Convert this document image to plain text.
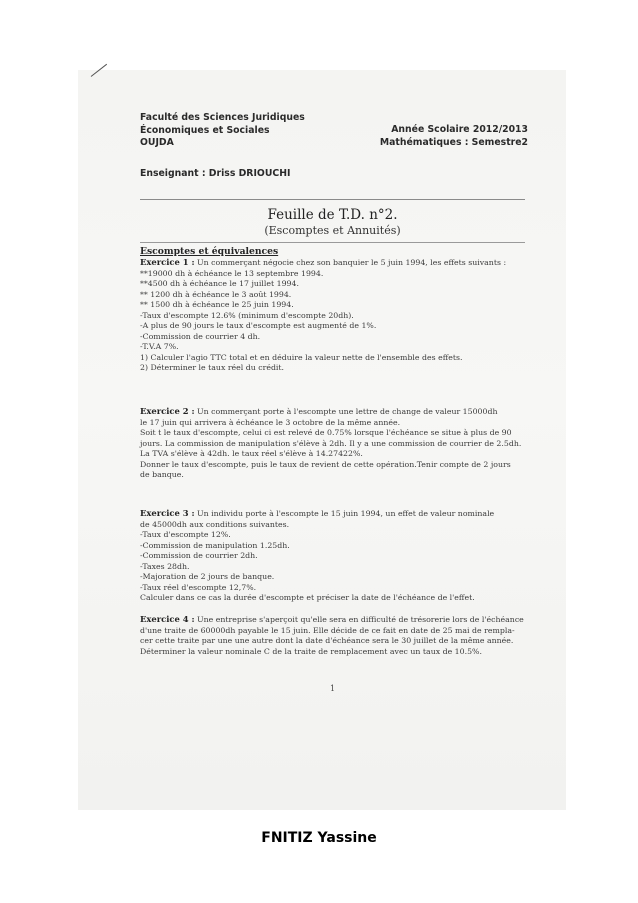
Faculté des Sciences Juridiques
Économiques et Sociales
OUJDA
Année Scolaire 2012/2013
Mathématiques : Semestre2
Enseignant : Driss DRIOUCHI
Feuille de T.D. n°2.
(Escomptes et Annuités)
Escomptes et équivalences
Exercice 1 : Un commerçant négocie chez son banquier le 5 juin 1994, les effets suivants :
**19000 dh à échéance le 13 septembre 1994.
**4500 dh à échéance le 17 juillet 1994.
** 1200 dh à échéance le 3 août 1994.
** 1500 dh à échéance le 25 juin 1994.
-Taux d'escompte 12.6% (minimum d'escompte 20dh).
-A plus de 90 jours le taux d'escompte est augmenté de 1%.
-Commission de courrier 4 dh.
-T.V.A 7%.
1) Calculer l'agio TTC total et en déduire la valeur nette de l'ensemble des effets.
2) Déterminer le taux réel du crédit.
Exercice 2 : Un commerçant porte à l'escompte une lettre de change de valeur 15000dh
le 17 juin qui arrivera à échéance le 3 octobre de la même année.
Soit t le taux d'escompte, celui ci est relevé de 0.75% lorsque l'échéance se situe à plus de 90
jours. La commission de manipulation s'élève à 2dh. Il y a une commission de courrier de 2.5dh.
La TVA s'élève à 42dh. le taux réel s'élève à 14.27422%.
Donner le taux d'escompte, puis le taux de revient de cette opération.Tenir compte de 2 jours
de banque.
Exercice 3 : Un individu porte à l'escompte le 15 juin 1994, un effet de valeur nominale
de 45000dh aux conditions suivantes.
-Taux d'escompte 12%.
-Commission de manipulation 1.25dh.
-Commission de courrier 2dh.
-Taxes 28dh.
-Majoration de 2 jours de banque.
-Taux réel d'escompte 12,7%.
Calculer dans ce cas la durée d'escompte et préciser la date de l'échéance de l'effet.
Exercice 4 : Une entreprise s'aperçoit qu'elle sera en difficulté de trésorerie lors de l'échéance
d'une traite de 60000dh payable le 15 juin. Elle décide de ce fait en date de 25 mai de rempla-
cer cette traite par une une autre dont la date d'échéance sera le 30 juillet de la même année.
Déterminer la valeur nominale C de la traite de remplacement avec un taux de 10.5%.
1
FNITIZ Yassine
